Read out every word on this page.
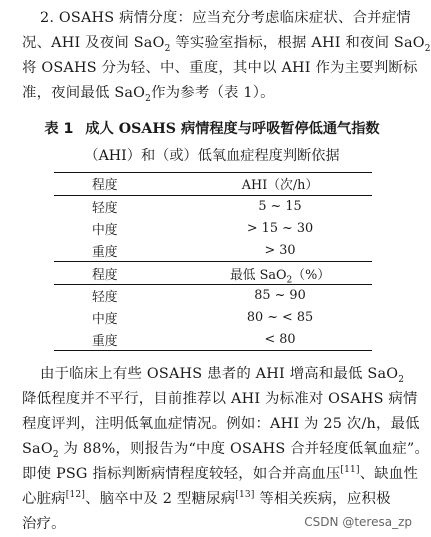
2. OSAHS 病情分度：应当充分考虑临床症状、合并症情
况、AHI 及夜间 SaO$_2$ 等实验室指标，根据 AHI 和夜间 SaO$_2$
将 OSAHS 分为轻、中、重度，其中以 AHI 作为主要判断标
准，夜间最低 SaO$_2$作为参考（表 1）。
表 1 成人 OSAHS 病情程度与呼吸暂停低通气指数
（AHI）和（或）低氧血症程度判断依据
程度	AHI（次/h）
轻度	5 ~ 15
中度	> 15 ~ 30
重度	> 30
程度	最低 SaO$_2$（%）
轻度	85 ~ 90
中度	80 ~ < 85
重度	< 80
由于临床上有些 OSAHS 患者的 AHI 增高和最低 SaO$_2$
降低程度并不平行，目前推荐以 AHI 为标准对 OSAHS 病情
程度评判，注明低氧血症情况。例如：AHI 为 25 次/h，最低
SaO$_2$ 为 88%，则报告为“中度 OSAHS 合并轻度低氧血症”。
即使 PSG 指标判断病情程度较轻，如合并高血压[11]、缺血性
心脏病[12]、脑卒中及 2 型糖尿病[13] 等相关疾病，应积极
治疗。	CSDN @teresa_zp
